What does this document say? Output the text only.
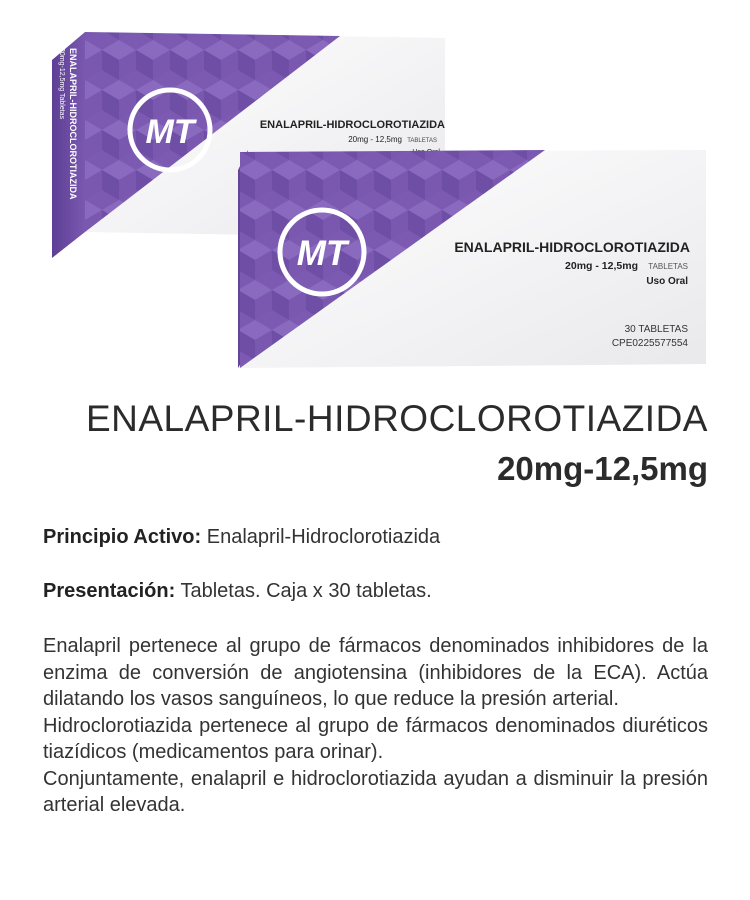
ENALAPRIL-HIDROCLOROTIAZIDA
20mg-12,5mg Tabletas
MT	ENALAPRIL-HIDROCLOROTIAZIDA
20mg - 12,5mg TABLETAS
MT	ENALAPRIL-HIDROCLOROTIAZIDA
20mg - 12,5mg TABLETAS
Uso Oral
30 TABLETAS
CPE0225577554
ENALAPRIL-HIDROCLOROTIAZIDA
20mg-12,5mg

Principio Activo: Enalapril-Hidroclorotiazida

Presentación: Tabletas. Caja x 30 tabletas.

Enalapril pertenece al grupo de fármacos denominados inhibidores de la enzima de conversión de angiotensina (inhibidores de la ECA). Actúa dilatando los vasos sanguíneos, lo que reduce la presión arterial.

Hidroclorotiazida pertenece al grupo de fármacos denominados diuréticos tiazídicos (medicamentos para orinar).

Conjuntamente, enalapril e hidroclorotiazida ayudan a disminuir la presión arterial elevada.
